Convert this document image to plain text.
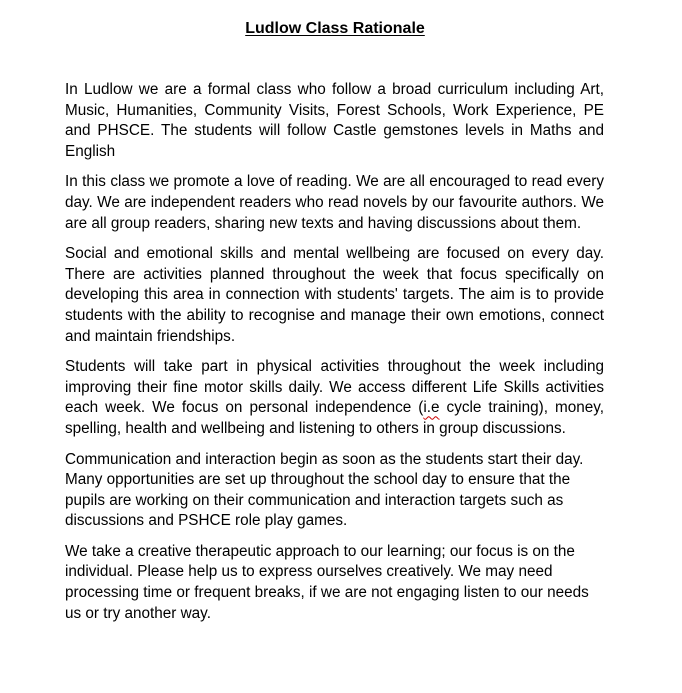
Ludlow Class Rationale

In Ludlow we are a formal class who follow a broad curriculum including Art, Music, Humanities, Community Visits, Forest Schools, Work Experience, PE and PHSCE. The students will follow Castle gemstones levels in Maths and English

In this class we promote a love of reading. We are all encouraged to read every day. We are independent readers who read novels by our favourite authors. We are all group readers, sharing new texts and having discussions about them.

Social and emotional skills and mental wellbeing are focused on every day. There are activities planned throughout the week that focus specifically on developing this area in connection with students' targets. The aim is to provide students with the ability to recognise and manage their own emotions, connect and maintain friendships.

Students will take part in physical activities throughout the week including improving their fine motor skills daily. We access different Life Skills activities each week. We focus on personal independence (i.e cycle training), money, spelling, health and wellbeing and listening to others in group discussions.

Communication and interaction begin as soon as the students start their day. Many opportunities are set up throughout the school day to ensure that the pupils are working on their communication and interaction targets such as discussions and PSHCE role play games.

We take a creative therapeutic approach to our learning; our focus is on the individual. Please help us to express ourselves creatively. We may need processing time or frequent breaks, if we are not engaging listen to our needs us or try another way.
